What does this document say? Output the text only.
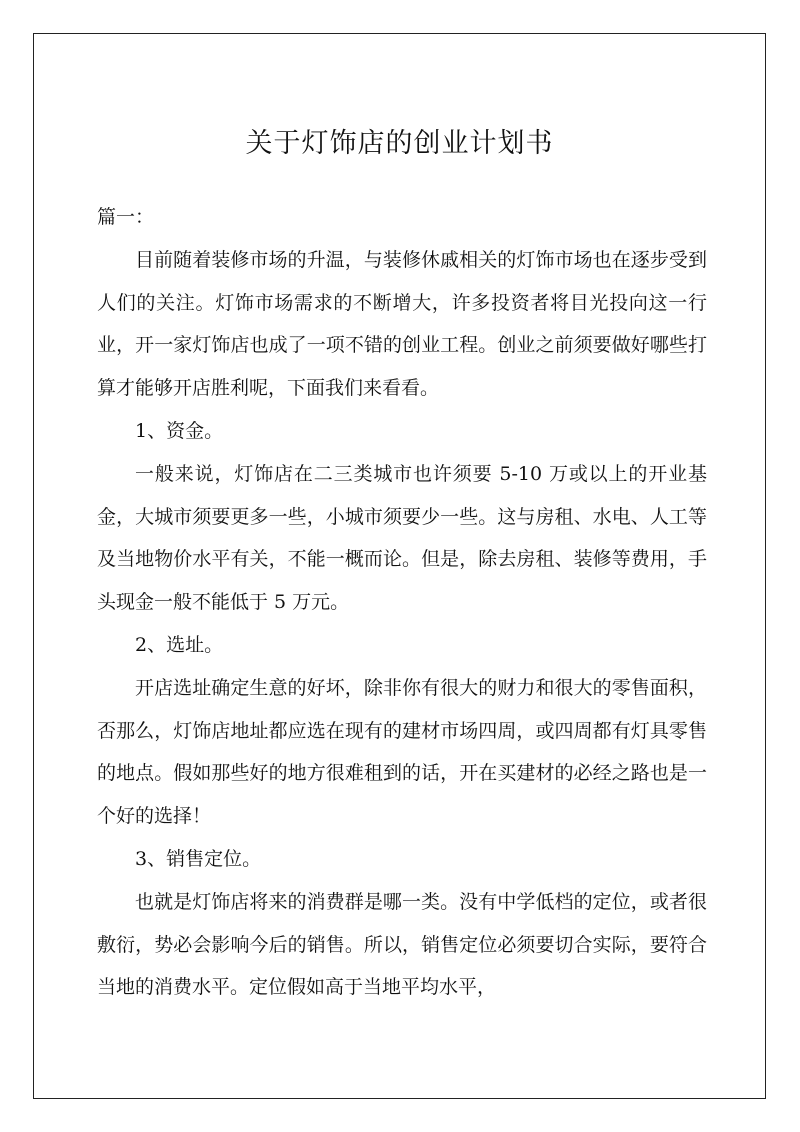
关于灯饰店的创业计划书

篇一：

目前随着装修市场的升温，与装修休戚相关的灯饰市场也在逐步受到人们的关注。灯饰市场需求的不断增大，许多投资者将目光投向这一行业，开一家灯饰店也成了一项不错的创业工程。创业之前须要做好哪些打算才能够开店胜利呢，下面我们来看看。

1、资金。

一般来说，灯饰店在二三类城市也许须要 5-10 万或以上的开业基金，大城市须要更多一些，小城市须要少一些。这与房租、水电、人工等及当地物价水平有关，不能一概而论。但是，除去房租、装修等费用，手头现金一般不能低于 5 万元。

2、选址。

开店选址确定生意的好坏，除非你有很大的财力和很大的零售面积，否那么，灯饰店地址都应选在现有的建材市场四周，或四周都有灯具零售的地点。假如那些好的地方很难租到的话，开在买建材的必经之路也是一个好的选择！

3、销售定位。

也就是灯饰店将来的消费群是哪一类。没有中学低档的定位，或者很敷衍，势必会影响今后的销售。所以，销售定位必须要切合实际，要符合当地的消费水平。定位假如高于当地平均水平，
